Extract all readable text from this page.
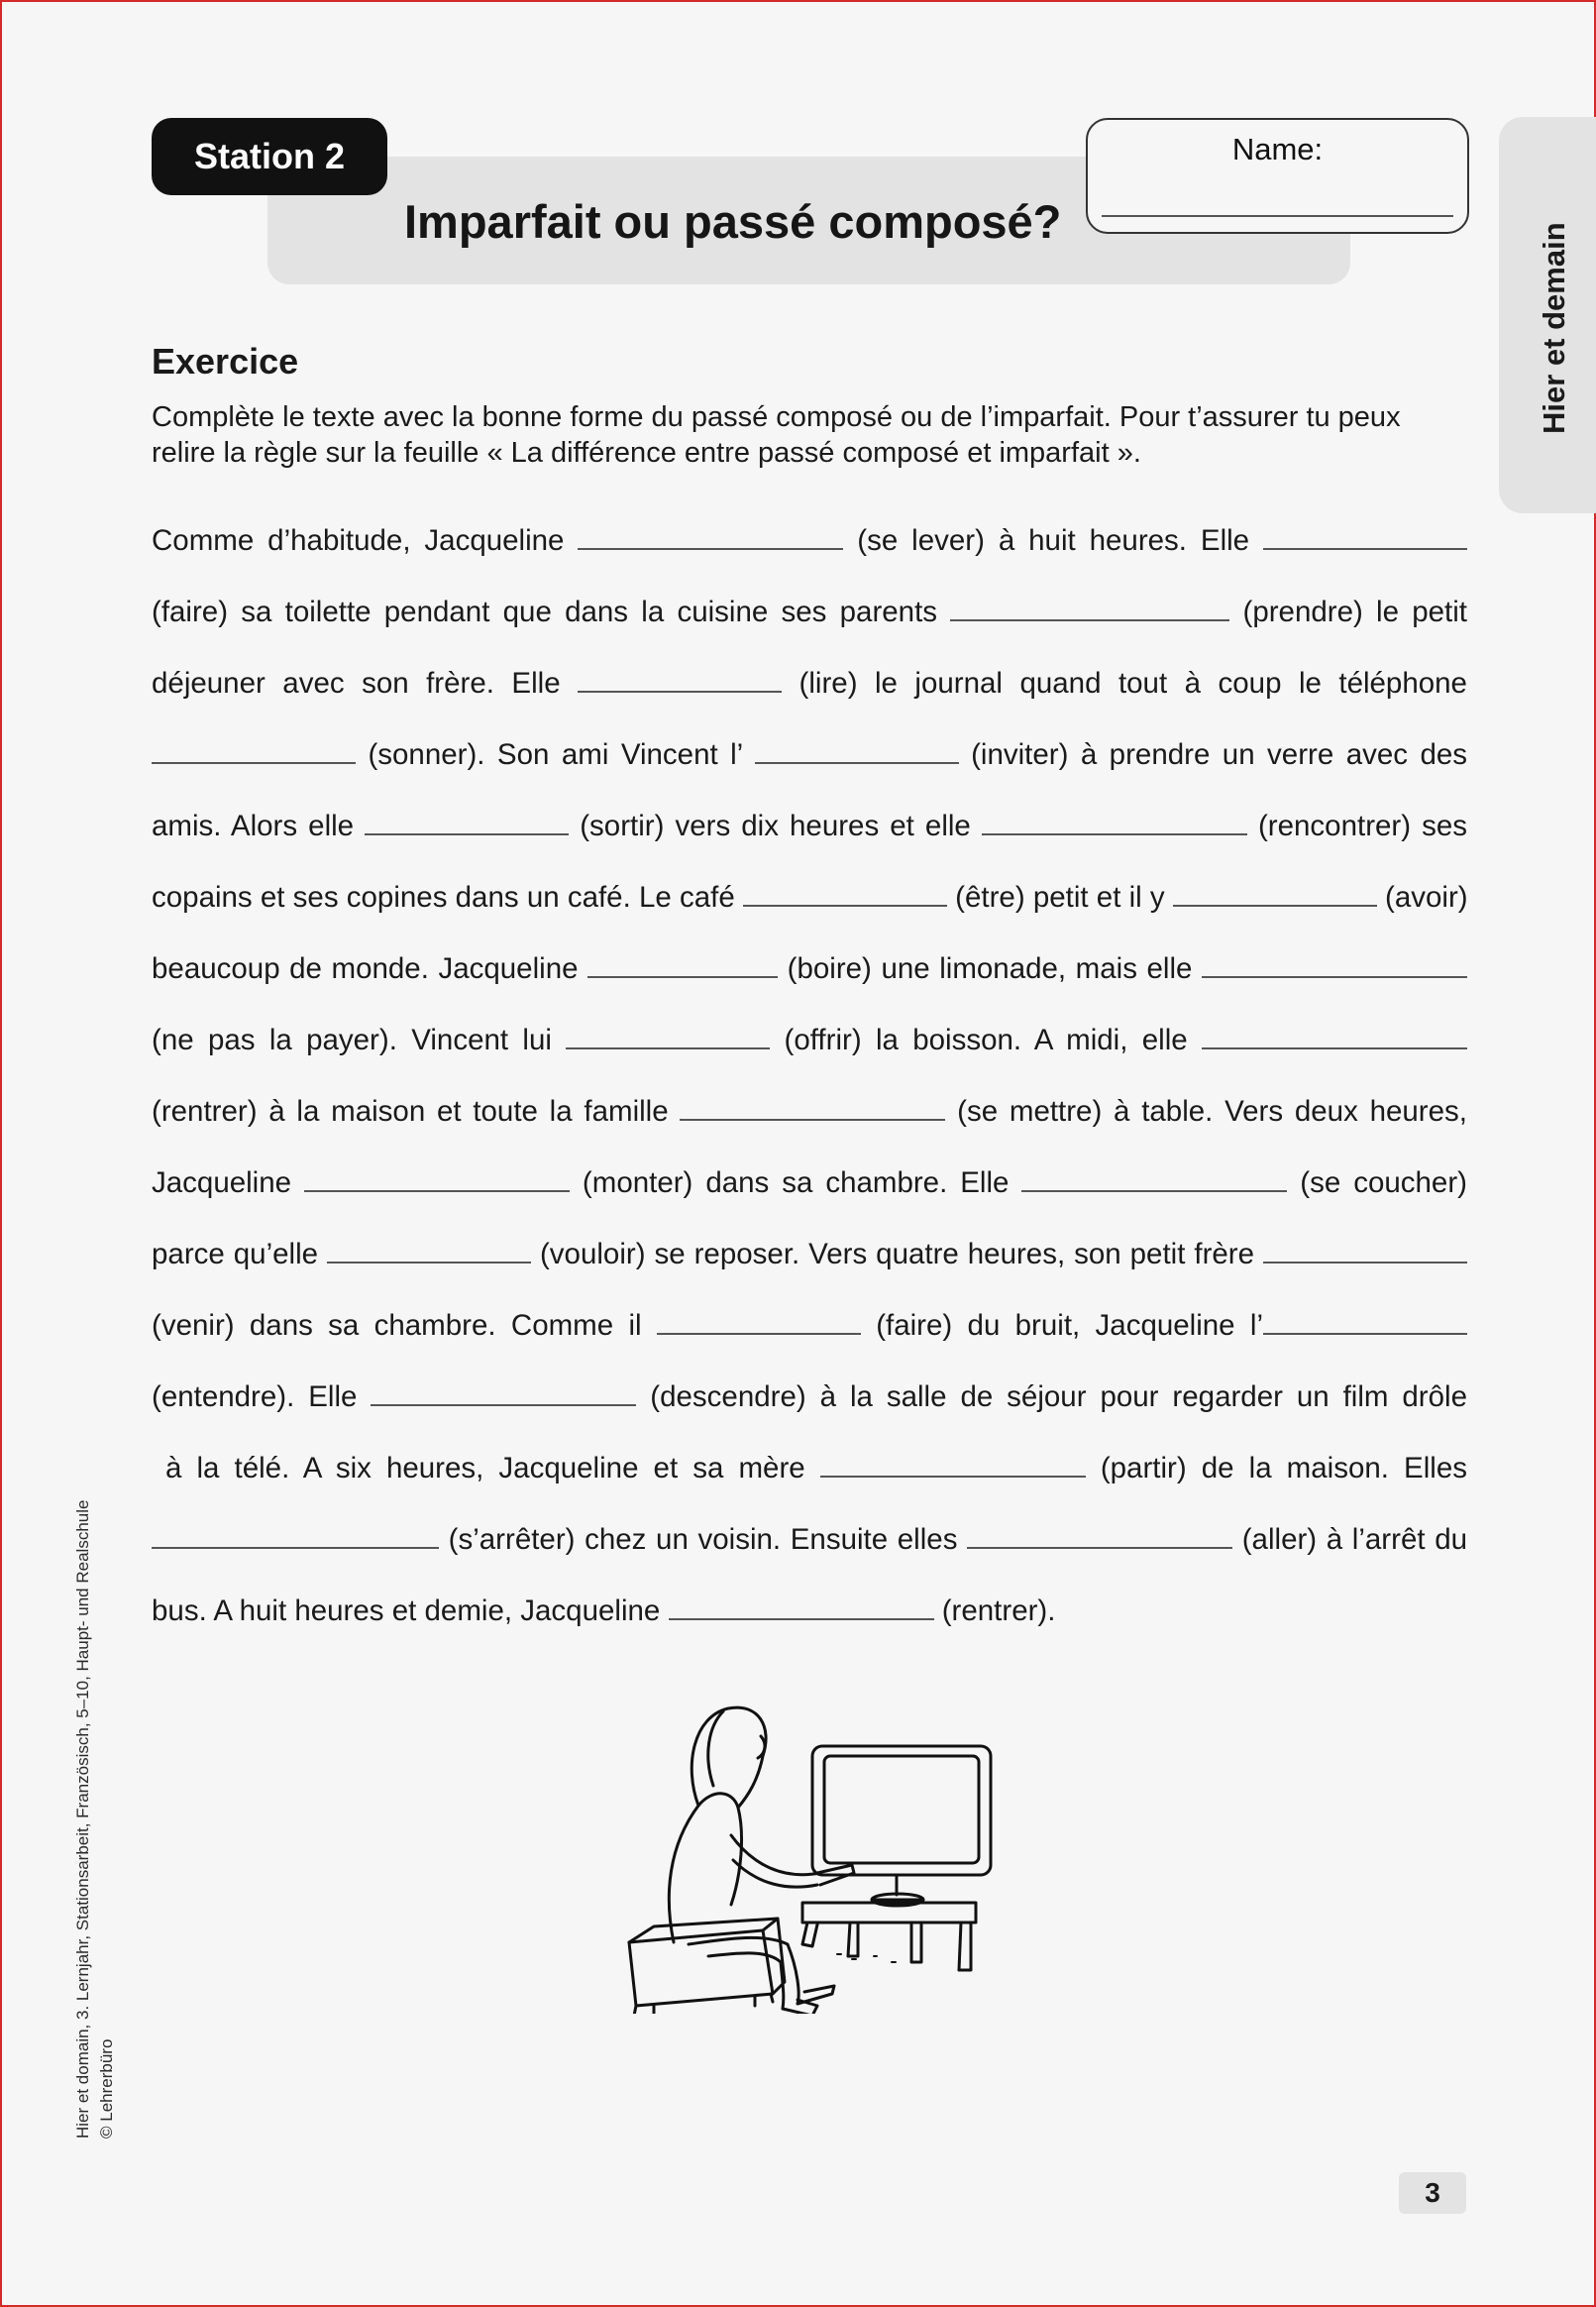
Imparfait ou passé composé?
Station 2	Name:
Hier et demain
Exercice
Complète le texte avec la bonne forme du passé composé ou de l’imparfait. Pour t’assurer tu peux relire la règle sur la feuille « La différence entre passé composé et imparfait ».
Comme d’habitude, Jacqueline	(se lever) à huit heures. Elle
(faire) sa toilette pendant que dans la cuisine ses parents	(prendre) le petit
déjeuner avec son frère. Elle	(lire) le journal quand tout à coup le téléphone
(sonner). Son ami Vincent l’	(inviter) à prendre un verre avec des
amis. Alors elle	(sortir) vers dix heures et elle	(rencontrer) ses
copains et ses copines dans un café. Le café	(être) petit et il y	(avoir)
beaucoup de monde. Jacqueline	(boire) une limonade, mais elle
(ne pas la payer). Vincent lui	(offrir) la boisson. A midi, elle
(rentrer) à la maison et toute la famille	(se mettre) à table. Vers deux heures,
Jacqueline	(monter) dans sa chambre. Elle	(se coucher)
parce qu’elle	(vouloir) se reposer. Vers quatre heures, son petit frère
(venir) dans sa chambre. Comme il	(faire) du bruit, Jacqueline l’
(entendre). Elle	(descendre) à la salle de séjour pour regarder un film drôle
à la télé. A six heures, Jacqueline et sa mère	(partir) de la maison. Elles
(s’arrêter) chez un voisin. Ensuite elles	(aller) à l’arrêt du
bus. A huit heures et demie, Jacqueline	(rentrer).
Hier et domain, 3. Lernjahr, Stationsarbeit, Französisch, 5–10, Haupt- und Realschule © Lehrerbüro
3
